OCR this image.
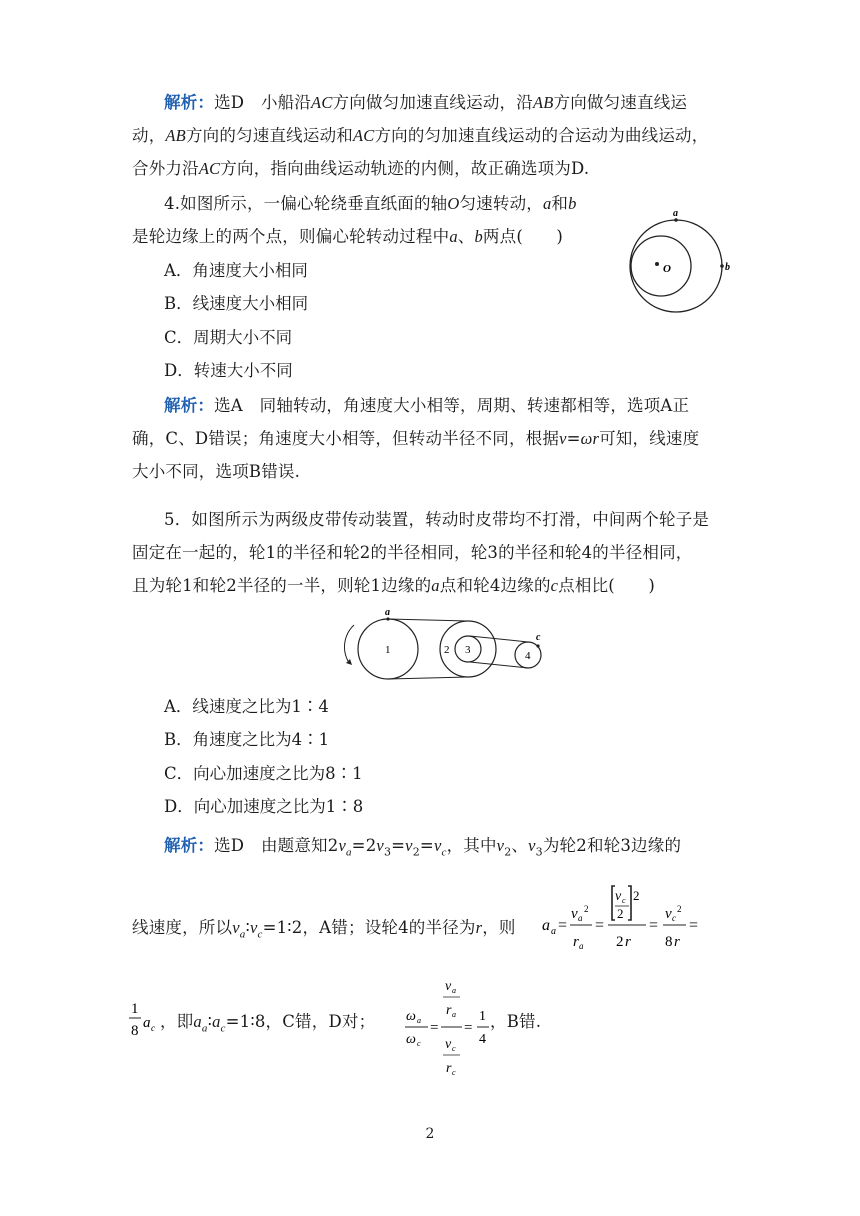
解析：选D　小船沿AC方向做匀加速直线运动，沿AB方向做匀速直线运
动，AB方向的匀速直线运动和AC方向的匀加速直线运动的合运动为曲线运动，
合外力沿AC方向，指向曲线运动轨迹的内侧，故正确选项为D.
4.如图所示，一偏心轮绕垂直纸面的轴O匀速转动，a和b
是轮边缘上的两个点，则偏心轮转动过程中a、b两点(　　)
A．角速度大小相同
B．线速度大小相同
C．周期大小不同
D．转速大小不同
O
a
b
解析：选A　同轴转动，角速度大小相等，周期、转速都相等，选项A正
确，C、D错误；角速度大小相等，但转动半径不同，根据v=ωr可知，线速度
大小不同，选项B错误.
5．如图所示为两级皮带传动装置，转动时皮带均不打滑，中间两个轮子是
固定在一起的，轮1的半径和轮2的半径相同，轮3的半径和轮4的半径相同，
且为轮1和轮2半径的一半，则轮1边缘的a点和轮4边缘的c点相比(　　)
a
c
1	2 3	4
A．线速度之比为1∶4
B．角速度之比为4∶1
C．向心加速度之比为8∶1
D．向心加速度之比为1∶8
解析：选D　由题意知$2v_a=2v_3=v_2=v_c$，其中$v_2$、$v_3$为轮2和轮3边缘的
线速度，所以$v_a∶v_c=1∶2$，A错；设轮4的半径为r，则 a a =
v a
2
r a
=
v c
2
2
2 r
=
v c
2
8 r
=
1
8 a c ，即$a_a∶a_c=1∶8$，C错，D对； ω a
ω c
=
v a
r a
v c
r c
=
1
4
，B错.
2
